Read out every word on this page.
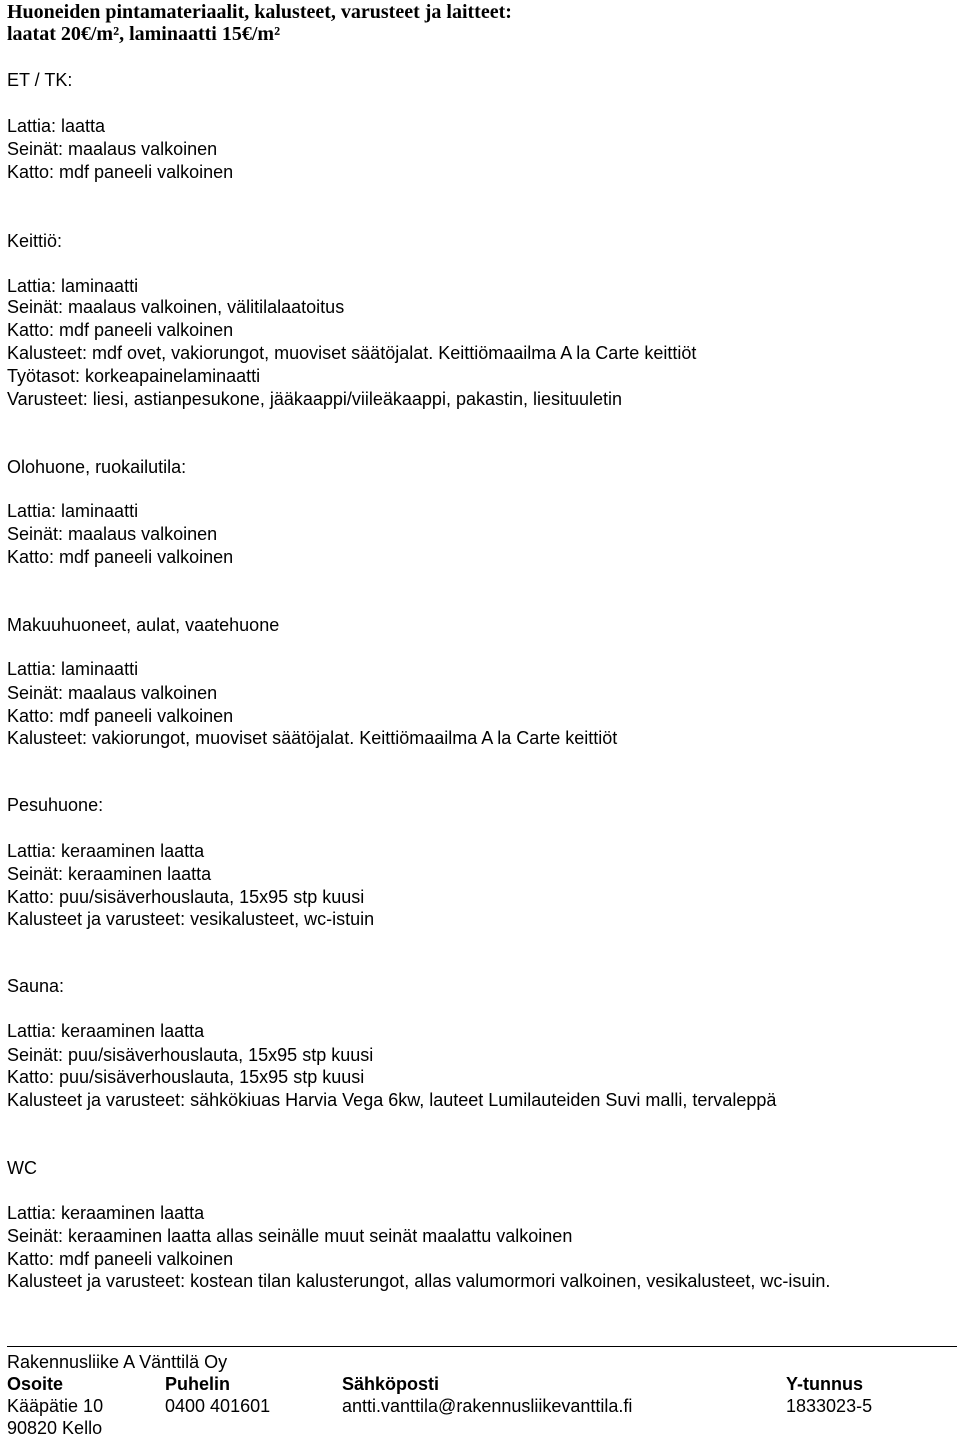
Huoneiden pintamateriaalit, kalusteet, varusteet ja laitteet:
laatat 20€/m², laminaatti 15€/m²
ET / TK:
Lattia: laatta
Seinät: maalaus valkoinen
Katto: mdf paneeli valkoinen
Keittiö:
Lattia: laminaatti
Seinät: maalaus valkoinen, välitilalaatoitus
Katto: mdf paneeli valkoinen
Kalusteet: mdf ovet, vakiorungot, muoviset säätöjalat. Keittiömaailma A la Carte keittiöt
Työtasot: korkeapainelaminaatti
Varusteet: liesi, astianpesukone, jääkaappi/viileäkaappi, pakastin, liesituuletin
Olohuone, ruokailutila:
Lattia: laminaatti
Seinät: maalaus valkoinen
Katto: mdf paneeli valkoinen
Makuuhuoneet, aulat, vaatehuone
Lattia: laminaatti
Seinät: maalaus valkoinen
Katto: mdf paneeli valkoinen
Kalusteet: vakiorungot, muoviset säätöjalat. Keittiömaailma A la Carte keittiöt
Pesuhuone:
Lattia: keraaminen laatta
Seinät: keraaminen laatta
Katto: puu/sisäverhouslauta, 15x95 stp kuusi
Kalusteet ja varusteet: vesikalusteet, wc-istuin
Sauna:
Lattia: keraaminen laatta
Seinät: puu/sisäverhouslauta, 15x95 stp kuusi
Katto: puu/sisäverhouslauta, 15x95 stp kuusi
Kalusteet ja varusteet: sähkökiuas Harvia Vega 6kw, lauteet Lumilauteiden Suvi malli, tervaleppä
WC
Lattia: keraaminen laatta
Seinät: keraaminen laatta allas seinälle muut seinät maalattu valkoinen
Katto: mdf paneeli valkoinen
Kalusteet ja varusteet: kostean tilan kalusterungot, allas valumormori valkoinen, vesikalusteet, wc-isuin.
Rakennusliike A Vänttilä Oy
Osoite	Puhelin	Sähköposti	Y-tunnus
Kääpätie 10	0400 401601	antti.vanttila@rakennusliikevanttila.fi	1833023-5
90820 Kello
